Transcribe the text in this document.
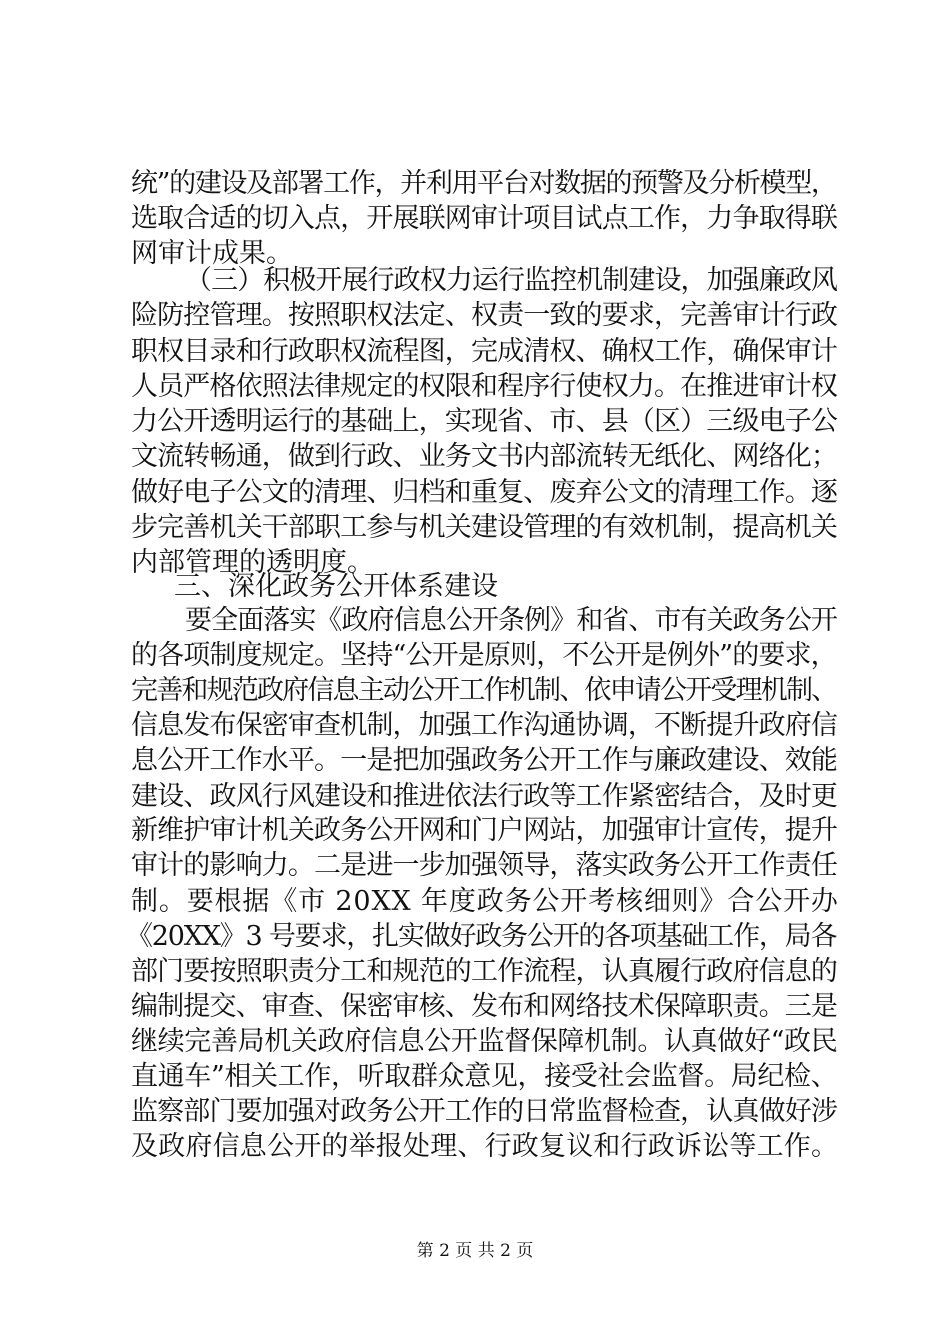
统”的建设及部署工作，并利用平台对数据的预警及分析模型，
选取合适的切入点，开展联网审计项目试点工作，力争取得联
网审计成果。
（三）积极开展行政权力运行监控机制建设，加强廉政风
险防控管理。按照职权法定、权责一致的要求，完善审计行政
职权目录和行政职权流程图，完成清权、确权工作，确保审计
人员严格依照法律规定的权限和程序行使权力。在推进审计权
力公开透明运行的基础上，实现省、市、县（区）三级电子公
文流转畅通，做到行政、业务文书内部流转无纸化、网络化；
做好电子公文的清理、归档和重复、废弃公文的清理工作。逐
步完善机关干部职工参与机关建设管理的有效机制，提高机关
内部管理的透明度。
三、深化政务公开体系建设
要全面落实《政府信息公开条例》和省、市有关政务公开
的各项制度规定。坚持“公开是原则，不公开是例外”的要求，
完善和规范政府信息主动公开工作机制、依申请公开受理机制、
信息发布保密审查机制，加强工作沟通协调，不断提升政府信
息公开工作水平。一是把加强政务公开工作与廉政建设、效能
建设、政风行风建设和推进依法行政等工作紧密结合，及时更
新维护审计机关政务公开网和门户网站，加强审计宣传，提升
审计的影响力。二是进一步加强领导，落实政务公开工作责任
制。要根据《市 20XX 年度政务公开考核细则》合公开办
《20XX》3 号要求，扎实做好政务公开的各项基础工作，局各
部门要按照职责分工和规范的工作流程，认真履行政府信息的
编制提交、审查、保密审核、发布和网络技术保障职责。三是
继续完善局机关政府信息公开监督保障机制。认真做好“政民
直通车”相关工作，听取群众意见，接受社会监督。局纪检、
监察部门要加强对政务公开工作的日常监督检查，认真做好涉
及政府信息公开的举报处理、行政复议和行政诉讼等工作。
第 2 页 共 2 页
